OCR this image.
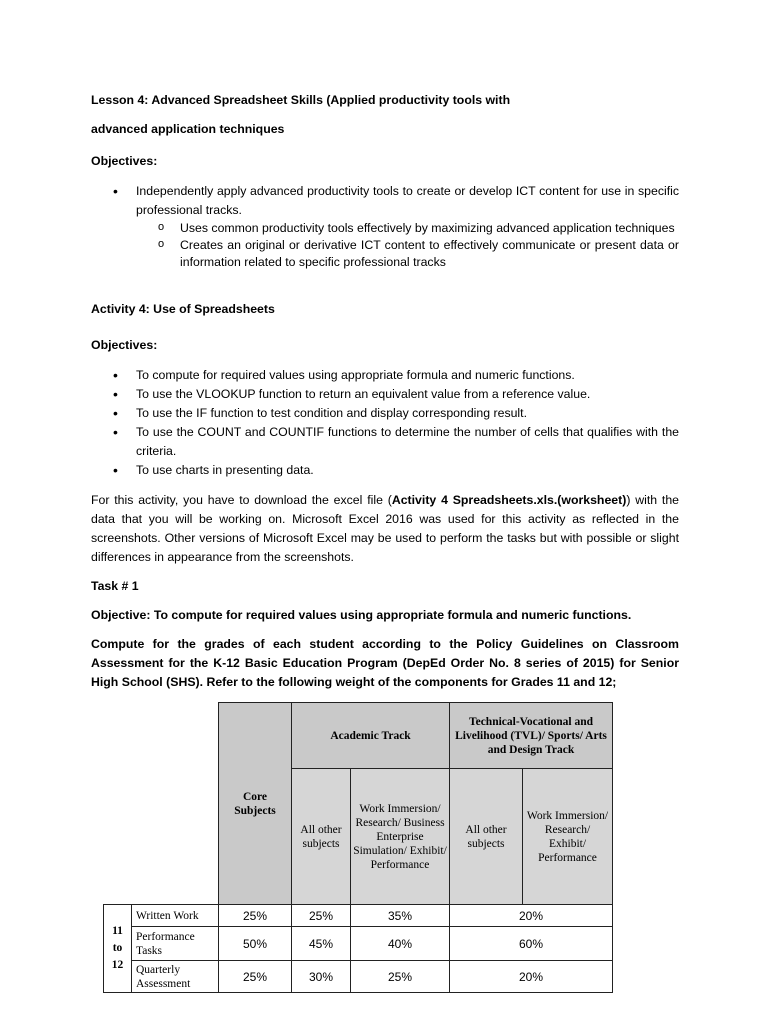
Lesson 4: Advanced Spreadsheet Skills (Applied productivity tools with
advanced application techniques
Objectives:
• Independently apply advanced productivity tools to create or develop ICT content for use in specific professional tracks.
o Uses common productivity tools effectively by maximizing advanced application techniques
o Creates an original or derivative ICT content to effectively communicate or present data or information related to specific professional tracks
Activity 4: Use of Spreadsheets
Objectives:
• To compute for required values using appropriate formula and numeric functions.
• To use the VLOOKUP function to return an equivalent value from a reference value.
• To use the IF function to test condition and display corresponding result.
• To use the COUNT and COUNTIF functions to determine the number of cells that qualifies with the criteria.
• To use charts in presenting data.
For this activity, you have to download the excel file (Activity 4 Spreadsheets.xls.(worksheet)) with the data that you will be working on. Microsoft Excel 2016 was used for this activity as reflected in the screenshots. Other versions of Microsoft Excel may be used to perform the tasks but with possible or slight differences in appearance from the screenshots.
Task # 1
Objective: To compute for required values using appropriate formula and numeric functions.
Compute for the grades of each student according to the Policy Guidelines on Classroom Assessment for the K-12 Basic Education Program (DepEd Order No. 8 series of 2015) for Senior High School (SHS). Refer to the following weight of the components for Grades 11 and 12;
		Core Subjects	Academic Track		Technical-Vocational and Livelihood (TVL)/ Sports/ Arts and Design Track	
			All other subjects	Work Immersion/ Research/ Business Enterprise Simulation/ Exhibit/ Performance	All other subjects	Work Immersion/ Research/ Exhibit/ Performance
11
to
12	Written Work	25%	25%	35%	20%	
	Performance Tasks	50%	45%	40%	60%	
	Quarterly Assessment	25%	30%	25%	20%	
